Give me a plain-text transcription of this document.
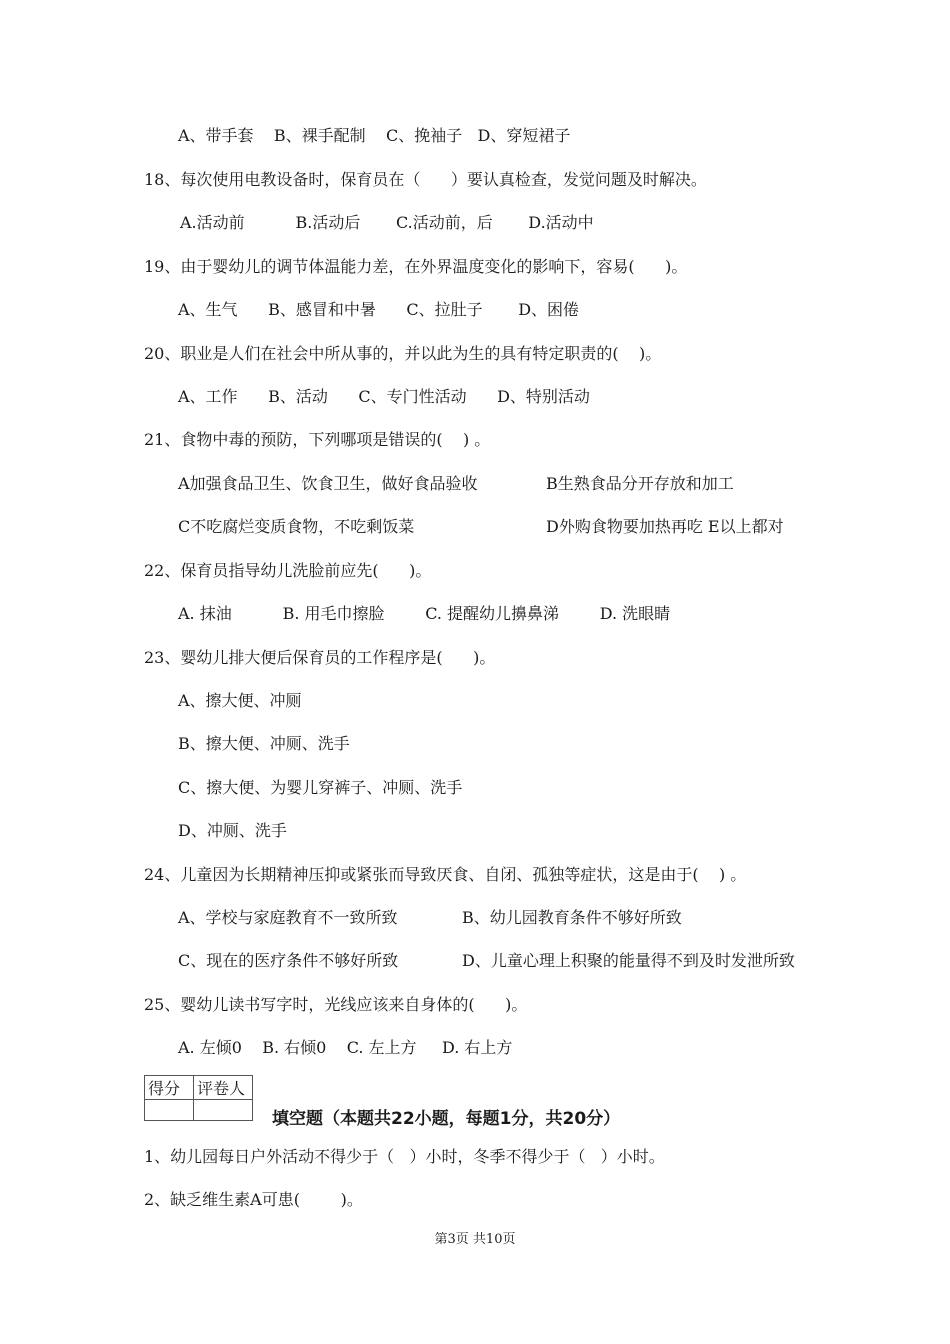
A、带手套    B、裸手配制    C、挽袖子   D、穿短裙子
18、每次使用电教设备时，保育员在（      ）要认真检查，发觉问题及时解决。
A.活动前          B.活动后       C.活动前，后       D.活动中
19、由于婴幼儿的调节体温能力差，在外界温度变化的影响下，容易(      )。
A、生气      B、感冒和中暑      C、拉肚子       D、困倦
20、职业是人们在社会中所从事的，并以此为生的具有特定职责的(    )。
A、工作      B、活动      C、专门性活动      D、特别活动
21、食物中毒的预防，下列哪项是错误的(    ) 。
A加强食品卫生、饮食卫生，做好食品验收	B生熟食品分开存放和加工
C不吃腐烂变质食物，不吃剩饭菜	D外购食物要加热再吃 E以上都对
22、保育员指导幼儿洗脸前应先(      )。
A. 抹油          B. 用毛巾擦脸        C. 提醒幼儿擤鼻涕        D. 洗眼睛
23、婴幼儿排大便后保育员的工作程序是(      )。
A、擦大便、冲厕
B、擦大便、冲厕、洗手
C、擦大便、为婴儿穿裤子、冲厕、洗手
D、冲厕、洗手
24、儿童因为长期精神压抑或紧张而导致厌食、自闭、孤独等症状，这是由于(    ) 。
A、学校与家庭教育不一致所致	B、幼儿园教育条件不够好所致
C、现在的医疗条件不够好所致	D、儿童心理上积聚的能量得不到及时发泄所致
25、婴幼儿读书写字时，光线应该来自身体的(      )。
A. 左倾0    B. 右倾0    C. 左上方     D. 右上方
得分	评卷人

填空题（本题共22小题，每题1分，共20分）
1、幼儿园每日户外活动不得少于（   ）小时，冬季不得少于（   ）小时。
2、缺乏维生素A可患(        )。
第3页 共10页
